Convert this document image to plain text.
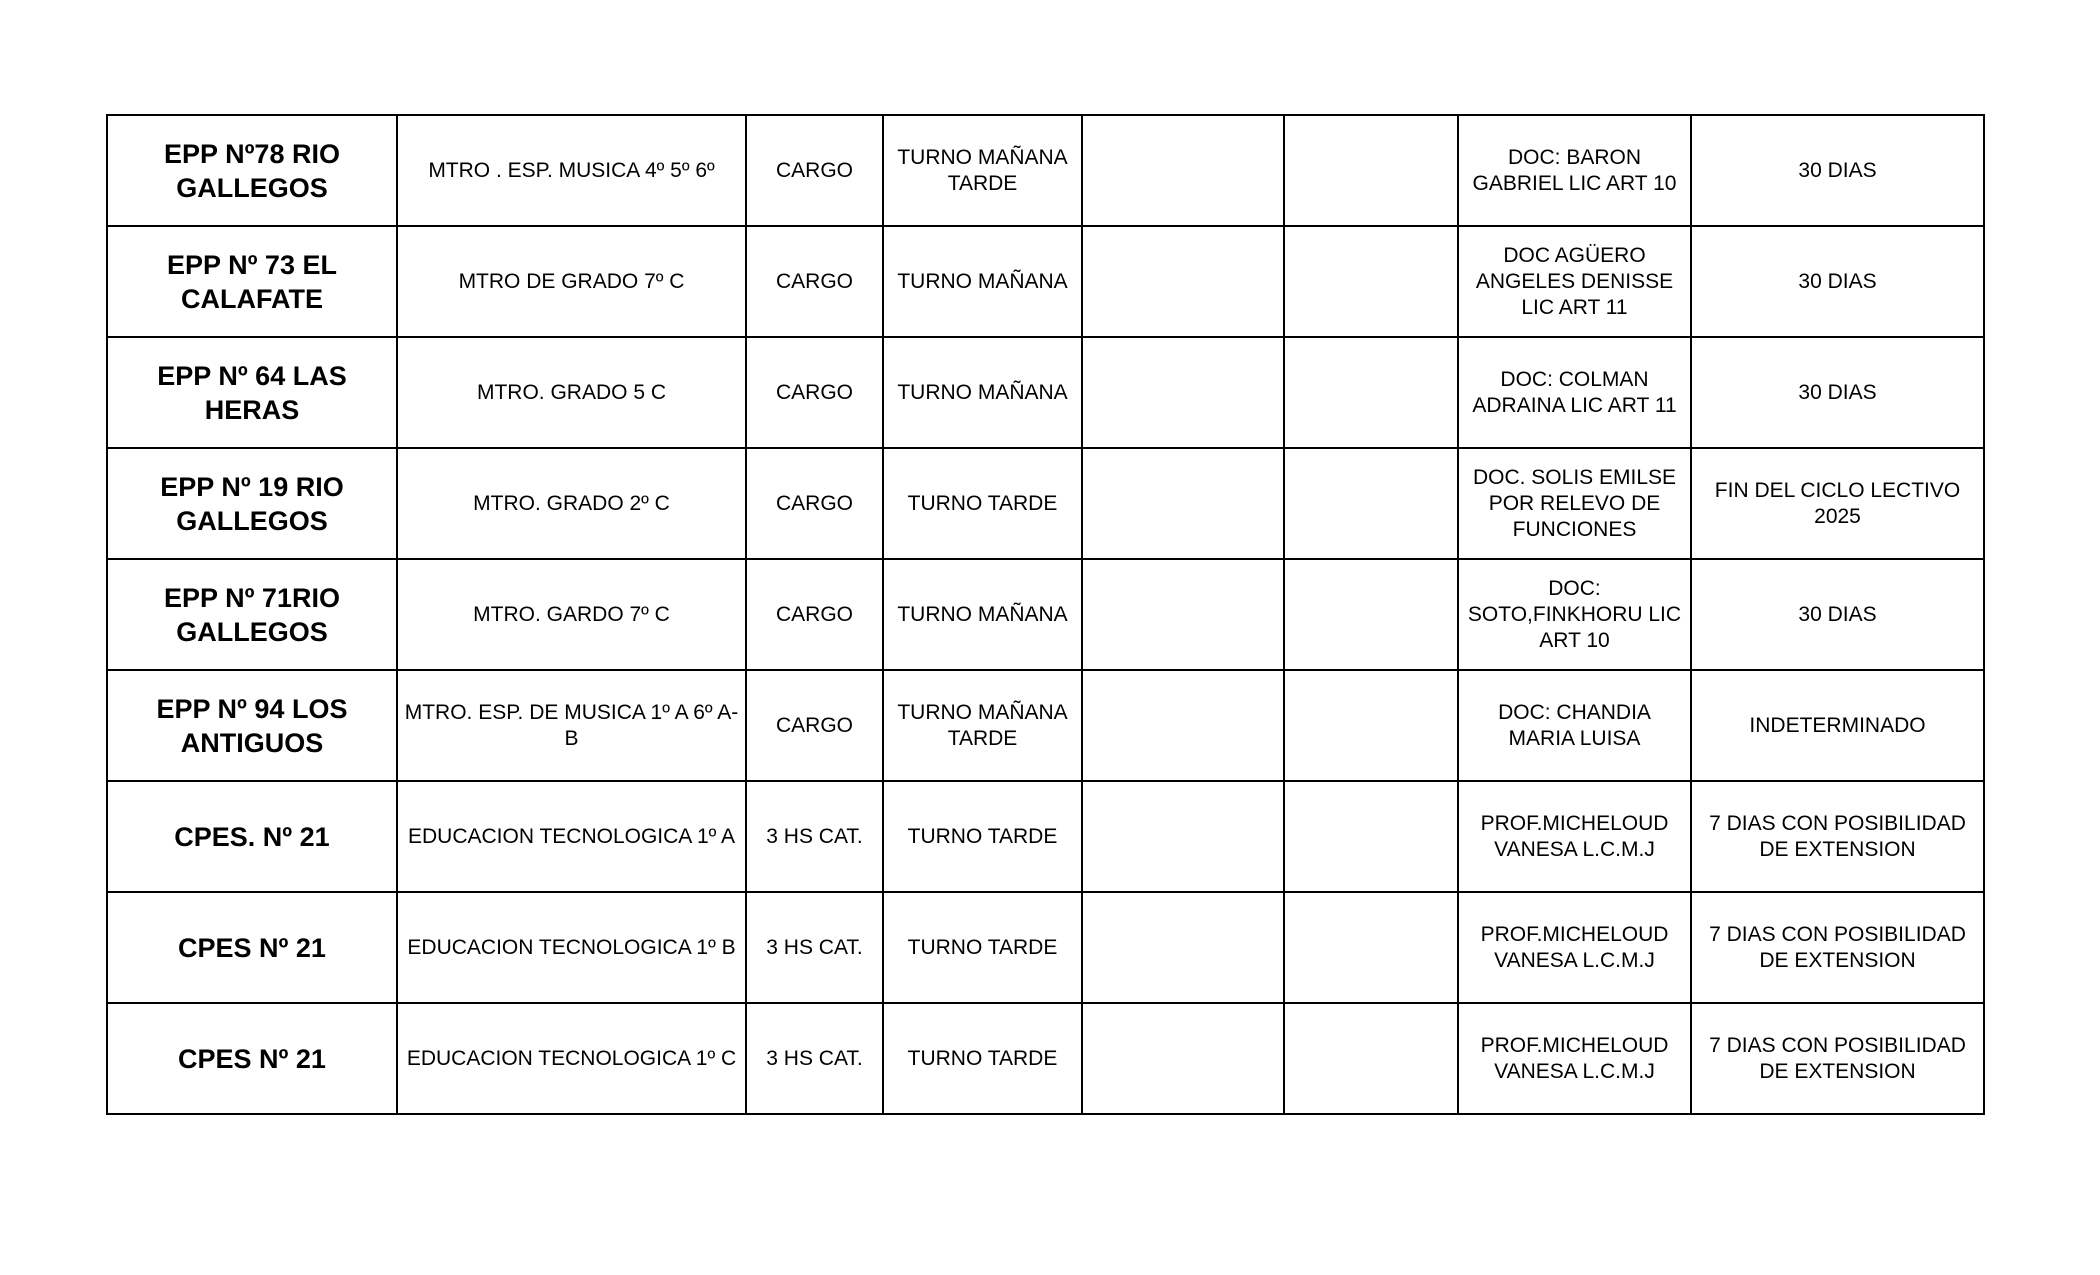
EPP Nº78 RIO GALLEGOS	MTRO . ESP. MUSICA 4º 5º 6º	CARGO	TURNO MAÑANA TARDE			DOC: BARON GABRIEL LIC ART 10	30 DIAS
EPP Nº 73 EL CALAFATE	MTRO DE GRADO 7º C	CARGO	TURNO MAÑANA			DOC AGÜERO ANGELES DENISSE LIC ART 11	30 DIAS
EPP Nº 64 LAS HERAS	MTRO. GRADO 5 C	CARGO	TURNO MAÑANA			DOC: COLMAN ADRAINA LIC ART 11	30 DIAS
EPP Nº 19 RIO GALLEGOS	MTRO. GRADO 2º C	CARGO	TURNO TARDE			DOC. SOLIS EMILSE POR RELEVO DE FUNCIONES	FIN DEL CICLO LECTIVO 2025
EPP Nº 71RIO GALLEGOS	MTRO. GARDO 7º C	CARGO	TURNO MAÑANA			DOC: SOTO,FINKHORU LIC ART 10	30 DIAS
EPP Nº 94 LOS ANTIGUOS	MTRO. ESP. DE MUSICA 1º A 6º A-B	CARGO	TURNO MAÑANA TARDE			DOC: CHANDIA MARIA LUISA	INDETERMINADO
CPES. Nº 21	EDUCACION TECNOLOGICA 1º A	3 HS CAT.	TURNO TARDE			PROF.MICHELOUD VANESA L.C.M.J	7 DIAS CON POSIBILIDAD DE EXTENSION
CPES Nº 21	EDUCACION TECNOLOGICA 1º B	3 HS CAT.	TURNO TARDE			PROF.MICHELOUD VANESA L.C.M.J	7 DIAS CON POSIBILIDAD DE EXTENSION
CPES Nº 21	EDUCACION TECNOLOGICA 1º C	3 HS CAT.	TURNO TARDE			PROF.MICHELOUD VANESA L.C.M.J	7 DIAS CON POSIBILIDAD DE EXTENSION
